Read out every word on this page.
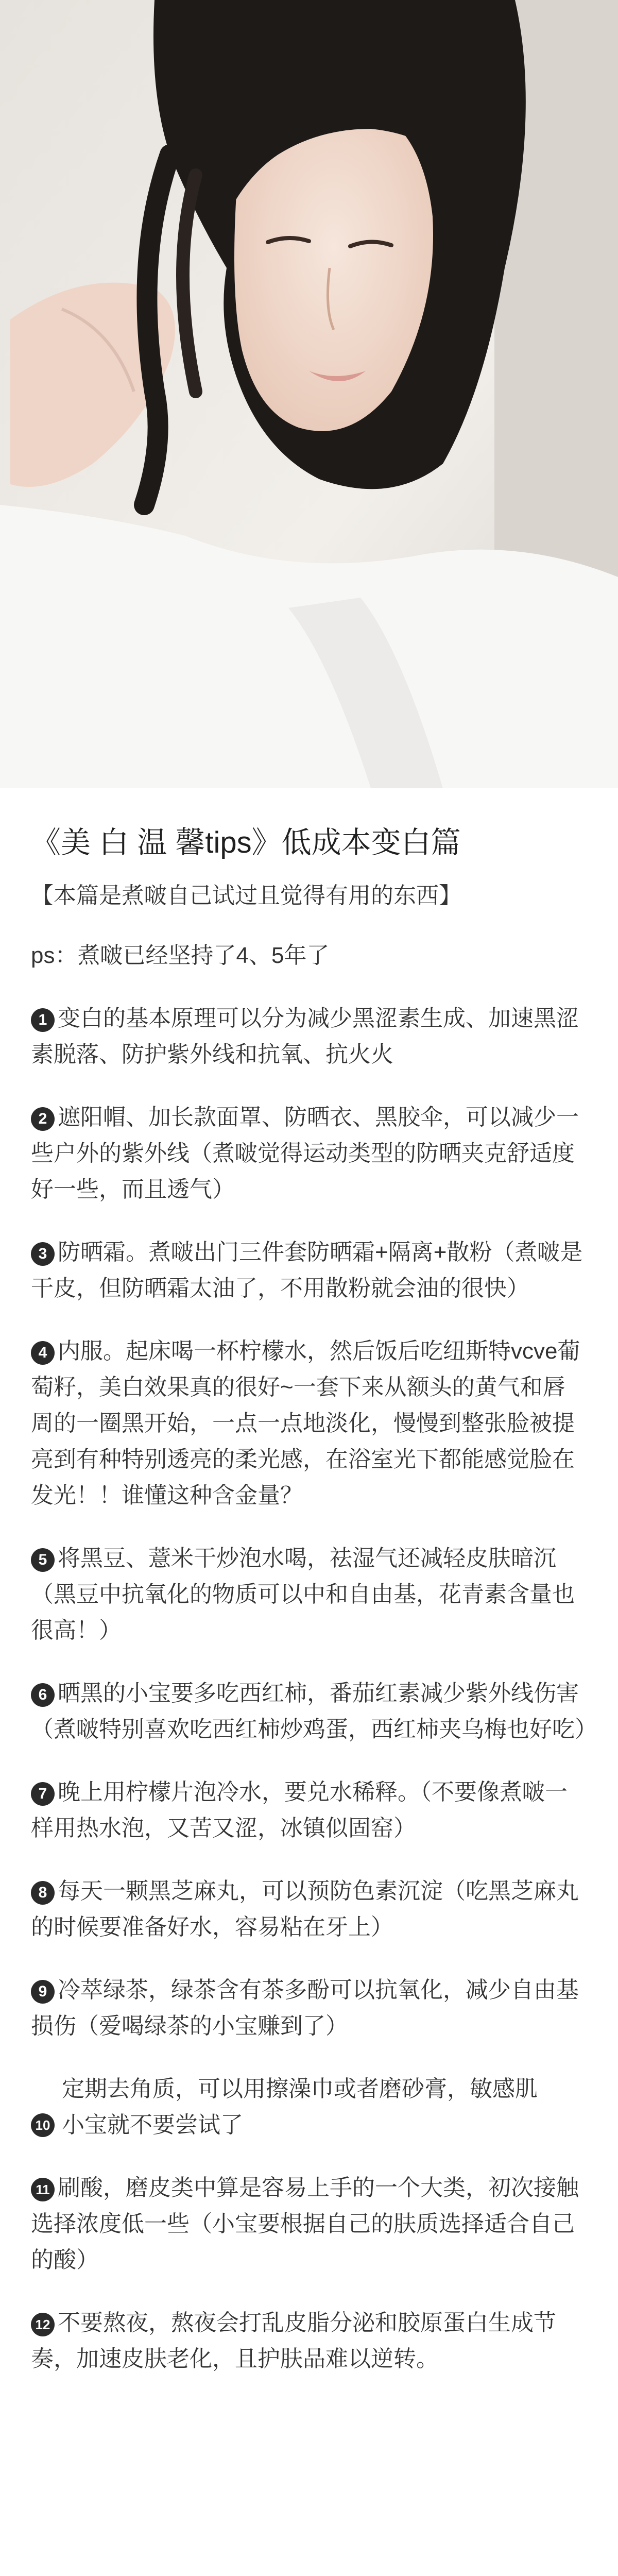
《美 白 温 馨tips》低成本变白篇

【本篇是煮啵自己试过且觉得有用的东西】

ps：煮啵已经坚持了4、5年了

1 变白的基本原理可以分为减少黑涩素生成、加速黑涩素脱落、防护紫外线和抗氧、抗火火

2 遮阳帽、加长款面罩、防晒衣、黑胶伞，可以减少一些户外的紫外线（煮啵觉得运动类型的防晒夹克舒适度好一些，而且透气）

3 防晒霜。煮啵出门三件套防晒霜+隔离+散粉（煮啵是干皮，但防晒霜太油了，不用散粉就会油的很快）

4 内服。起床喝一杯柠檬水，然后饭后吃纽斯特vcve葡萄籽，美白效果真的很好~一套下来从额头的黄气和唇周的一圈黑开始，一点一点地淡化，慢慢到整张脸被提亮到有种特别透亮的柔光感，在浴室光下都能感觉脸在发光！！谁懂这种含金量？

5 将黑豆、薏米干炒泡水喝，祛湿气还减轻皮肤暗沉（黑豆中抗氧化的物质可以中和自由基，花青素含量也很高！）

6 晒黑的小宝要多吃西红柿，番茄红素减少紫外线伤害（煮啵特别喜欢吃西红柿炒鸡蛋，西红柿夹乌梅也好吃）

7 晚上用柠檬片泡冷水，要兑水稀释。（不要像煮啵一样用热水泡，又苦又涩，冰镇似固窑）

8 每天一颗黑芝麻丸，可以预防色素沉淀（吃黑芝麻丸的时候要准备好水，容易粘在牙上）

9 冷萃绿茶，绿茶含有茶多酚可以抗氧化，减少自由基损伤（爱喝绿茶的小宝赚到了）

定期去角质，可以用擦澡巾或者磨砂膏，敏感肌
10 小宝就不要尝试了

11 刷酸，磨皮类中算是容易上手的一个大类，初次接触选择浓度低一些（小宝要根据自己的肤质选择适合自己的酸）

12 不要熬夜，熬夜会打乱皮脂分泌和胶原蛋白生成节奏，加速皮肤老化，且护肤品难以逆转。
